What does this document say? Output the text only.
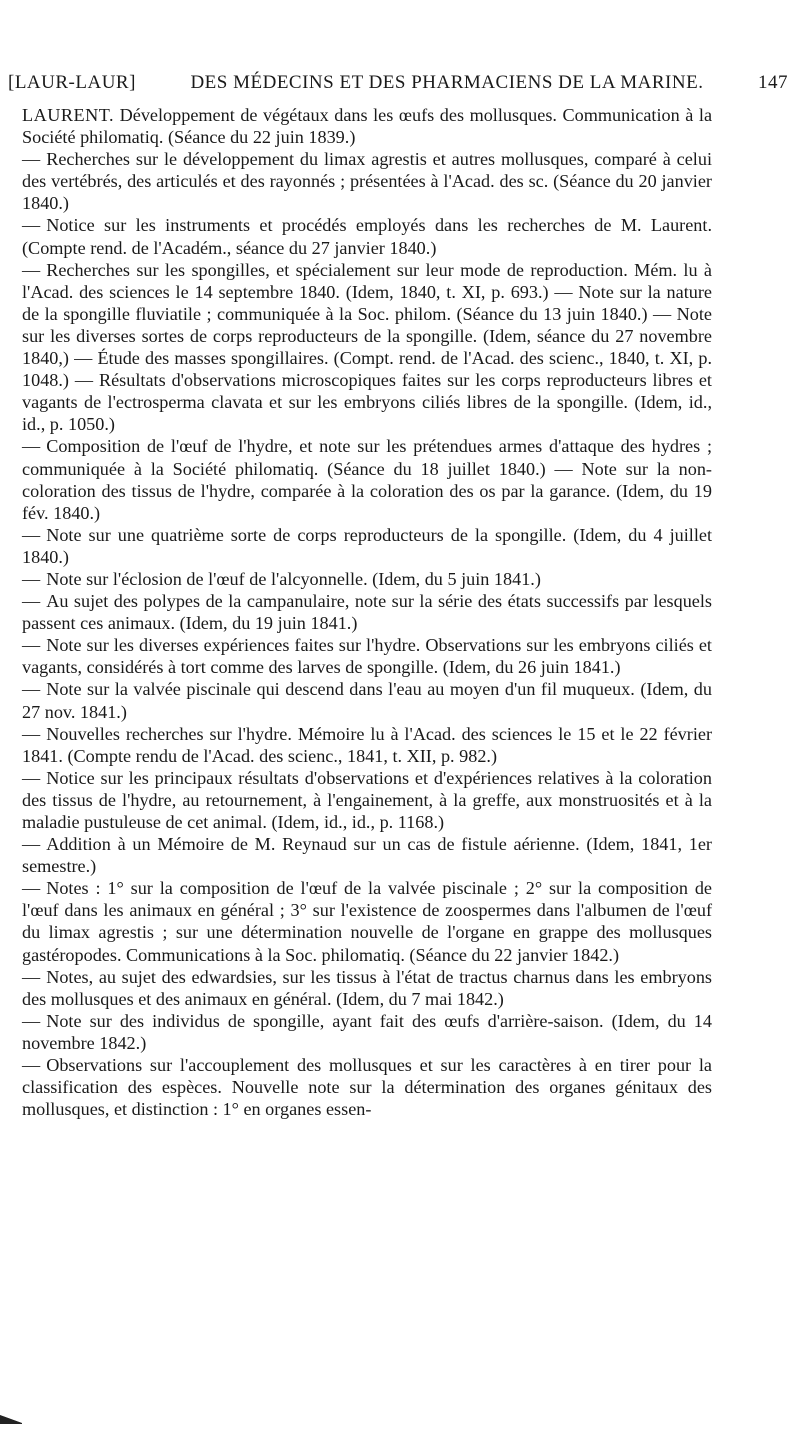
[LAUR-LAUR]	DES MÉDECINS ET DES PHARMACIENS DE LA MARINE.	147

LAURENT. Développement de végétaux dans les œufs des mollusques. Communication à la Société philomatiq. (Séance du 22 juin 1839.)

— Recherches sur le développement du limax agrestis et autres mollusques, comparé à celui des vertébrés, des articulés et des rayonnés ; présentées à l'Acad. des sc. (Séance du 20 janvier 1840.)

— Notice sur les instruments et procédés employés dans les recherches de M. Laurent. (Compte rend. de l'Académ., séance du 27 janvier 1840.)

— Recherches sur les spongilles, et spécialement sur leur mode de reproduction. Mém. lu à l'Acad. des sciences le 14 septembre 1840. (Idem, 1840, t. XI, p. 693.) — Note sur la nature de la spongille fluviatile ; communiquée à la Soc. philom. (Séance du 13 juin 1840.) — Note sur les diverses sortes de corps reproducteurs de la spongille. (Idem, séance du 27 novembre 1840,) — Étude des masses spongillaires. (Compt. rend. de l'Acad. des scienc., 1840, t. XI, p. 1048.) — Résultats d'observations microscopiques faites sur les corps reproducteurs libres et vagants de l'ectrosperma clavata et sur les embryons ciliés libres de la spongille. (Idem, id., id., p. 1050.)

— Composition de l'œuf de l'hydre, et note sur les prétendues armes d'attaque des hydres ; communiquée à la Société philomatiq. (Séance du 18 juillet 1840.) — Note sur la non-coloration des tissus de l'hydre, comparée à la coloration des os par la garance. (Idem, du 19 fév. 1840.)

— Note sur une quatrième sorte de corps reproducteurs de la spongille. (Idem, du 4 juillet 1840.)

— Note sur l'éclosion de l'œuf de l'alcyonnelle. (Idem, du 5 juin 1841.)

— Au sujet des polypes de la campanulaire, note sur la série des états successifs par lesquels passent ces animaux. (Idem, du 19 juin 1841.)

— Note sur les diverses expériences faites sur l'hydre. Observations sur les embryons ciliés et vagants, considérés à tort comme des larves de spongille. (Idem, du 26 juin 1841.)

— Note sur la valvée piscinale qui descend dans l'eau au moyen d'un fil muqueux. (Idem, du 27 nov. 1841.)

— Nouvelles recherches sur l'hydre. Mémoire lu à l'Acad. des sciences le 15 et le 22 février 1841. (Compte rendu de l'Acad. des scienc., 1841, t. XII, p. 982.)

— Notice sur les principaux résultats d'observations et d'expériences relatives à la coloration des tissus de l'hydre, au retournement, à l'engainement, à la greffe, aux monstruosités et à la maladie pustuleuse de cet animal. (Idem, id., id., p. 1168.)

— Addition à un Mémoire de M. Reynaud sur un cas de fistule aérienne. (Idem, 1841, 1er semestre.)

— Notes : 1° sur la composition de l'œuf de la valvée piscinale ; 2° sur la composition de l'œuf dans les animaux en général ; 3° sur l'existence de zoospermes dans l'albumen de l'œuf du limax agrestis ; sur une détermination nouvelle de l'organe en grappe des mollusques gastéropodes. Communications à la Soc. philomatiq. (Séance du 22 janvier 1842.)

— Notes, au sujet des edwardsies, sur les tissus à l'état de tractus charnus dans les embryons des mollusques et des animaux en général. (Idem, du 7 mai 1842.)

— Note sur des individus de spongille, ayant fait des œufs d'arrière-saison. (Idem, du 14 novembre 1842.)

— Observations sur l'accouplement des mollusques et sur les caractères à en tirer pour la classification des espèces. Nouvelle note sur la détermination des organes génitaux des mollusques, et distinction : 1° en organes essen-
